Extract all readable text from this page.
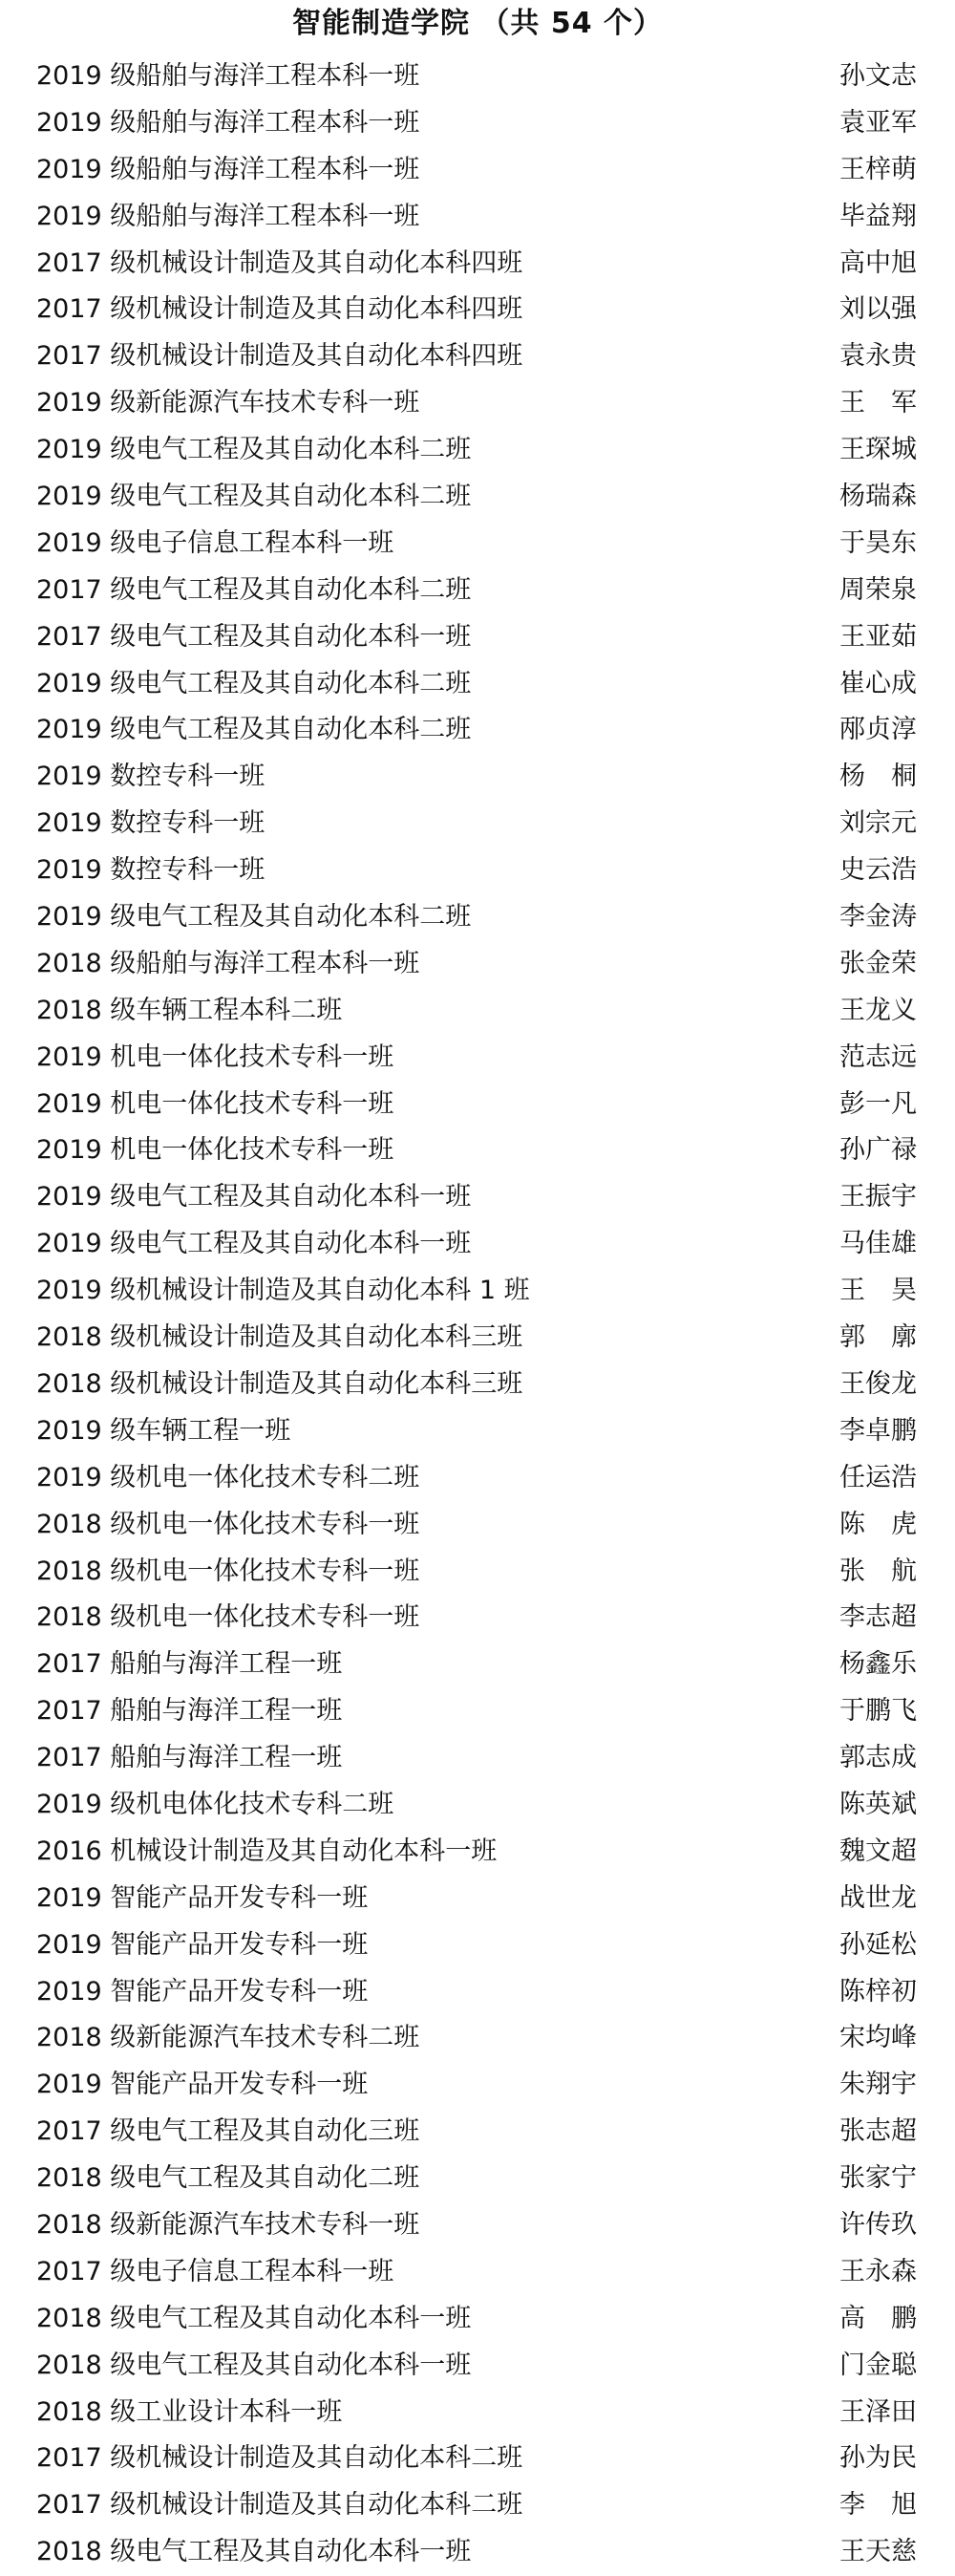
智能制造学院 （共 54 个）
2019 级船舶与海洋工程本科一班	孙文志
2019 级船舶与海洋工程本科一班	袁亚军
2019 级船舶与海洋工程本科一班	王梓萌
2019 级船舶与海洋工程本科一班	毕益翔
2017 级机械设计制造及其自动化本科四班	高中旭
2017 级机械设计制造及其自动化本科四班	刘以强
2017 级机械设计制造及其自动化本科四班	袁永贵
2019 级新能源汽车技术专科一班	王　军
2019 级电气工程及其自动化本科二班	王琛城
2019 级电气工程及其自动化本科二班	杨瑞森
2019 级电子信息工程本科一班	于昊东
2017 级电气工程及其自动化本科二班	周荣泉
2017 级电气工程及其自动化本科一班	王亚茹
2019 级电气工程及其自动化本科二班	崔心成
2019 级电气工程及其自动化本科二班	邴贞淳
2019 数控专科一班	杨　桐
2019 数控专科一班	刘宗元
2019 数控专科一班	史云浩
2019 级电气工程及其自动化本科二班	李金涛
2018 级船舶与海洋工程本科一班	张金荣
2018 级车辆工程本科二班	王龙义
2019 机电一体化技术专科一班	范志远
2019 机电一体化技术专科一班	彭一凡
2019 机电一体化技术专科一班	孙广禄
2019 级电气工程及其自动化本科一班	王振宇
2019 级电气工程及其自动化本科一班	马佳雄
2019 级机械设计制造及其自动化本科 1 班	王　昊
2018 级机械设计制造及其自动化本科三班	郭　廓
2018 级机械设计制造及其自动化本科三班	王俊龙
2019 级车辆工程一班	李卓鹏
2019 级机电一体化技术专科二班	任运浩
2018 级机电一体化技术专科一班	陈　虎
2018 级机电一体化技术专科一班	张　航
2018 级机电一体化技术专科一班	李志超
2017 船舶与海洋工程一班	杨鑫乐
2017 船舶与海洋工程一班	于鹏飞
2017 船舶与海洋工程一班	郭志成
2019 级机电体化技术专科二班	陈英斌
2016 机械设计制造及其自动化本科一班	魏文超
2019 智能产品开发专科一班	战世龙
2019 智能产品开发专科一班	孙延松
2019 智能产品开发专科一班	陈梓初
2018 级新能源汽车技术专科二班	宋均峰
2019 智能产品开发专科一班	朱翔宇
2017 级电气工程及其自动化三班	张志超
2018 级电气工程及其自动化二班	张家宁
2018 级新能源汽车技术专科一班	许传玖
2017 级电子信息工程本科一班	王永森
2018 级电气工程及其自动化本科一班	高　鹏
2018 级电气工程及其自动化本科一班	门金聪
2018 级工业设计本科一班	王泽田
2017 级机械设计制造及其自动化本科二班	孙为民
2017 级机械设计制造及其自动化本科二班	李　旭
2018 级电气工程及其自动化本科一班	王天慈
